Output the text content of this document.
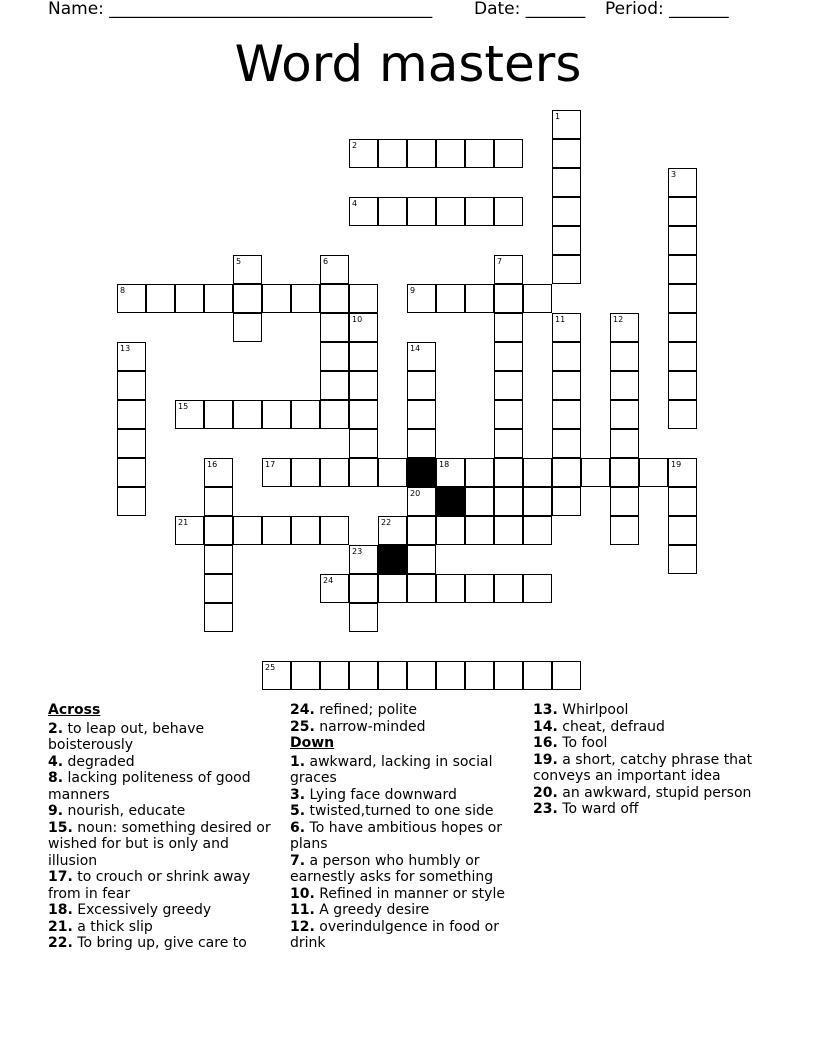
Name: ______________________________________ Date: _______ Period: _______
Word masters
1
2
3
4
5	6	7
8	9
10	11	12
13	14
15
16	17	18	19
20
21	22
23
24
25
Across
2. to leap out, behave boisterously
4. degraded
8. lacking politeness of good manners
9. nourish, educate
15. noun: something desired or wished for but is only and illusion
17. to crouch or shrink away from in fear
18. Excessively greedy
21. a thick slip
22. To bring up, give care to
24. refined; polite
25. narrow-minded
Down
1. awkward, lacking in social graces
3. Lying face downward
5. twisted,turned to one side
6. To have ambitious hopes or plans
7. a person who humbly or earnestly asks for something
10. Refined in manner or style
11. A greedy desire
12. overindulgence in food or drink
13. Whirlpool
14. cheat, defraud
16. To fool
19. a short, catchy phrase that conveys an important idea
20. an awkward, stupid person
23. To ward off
